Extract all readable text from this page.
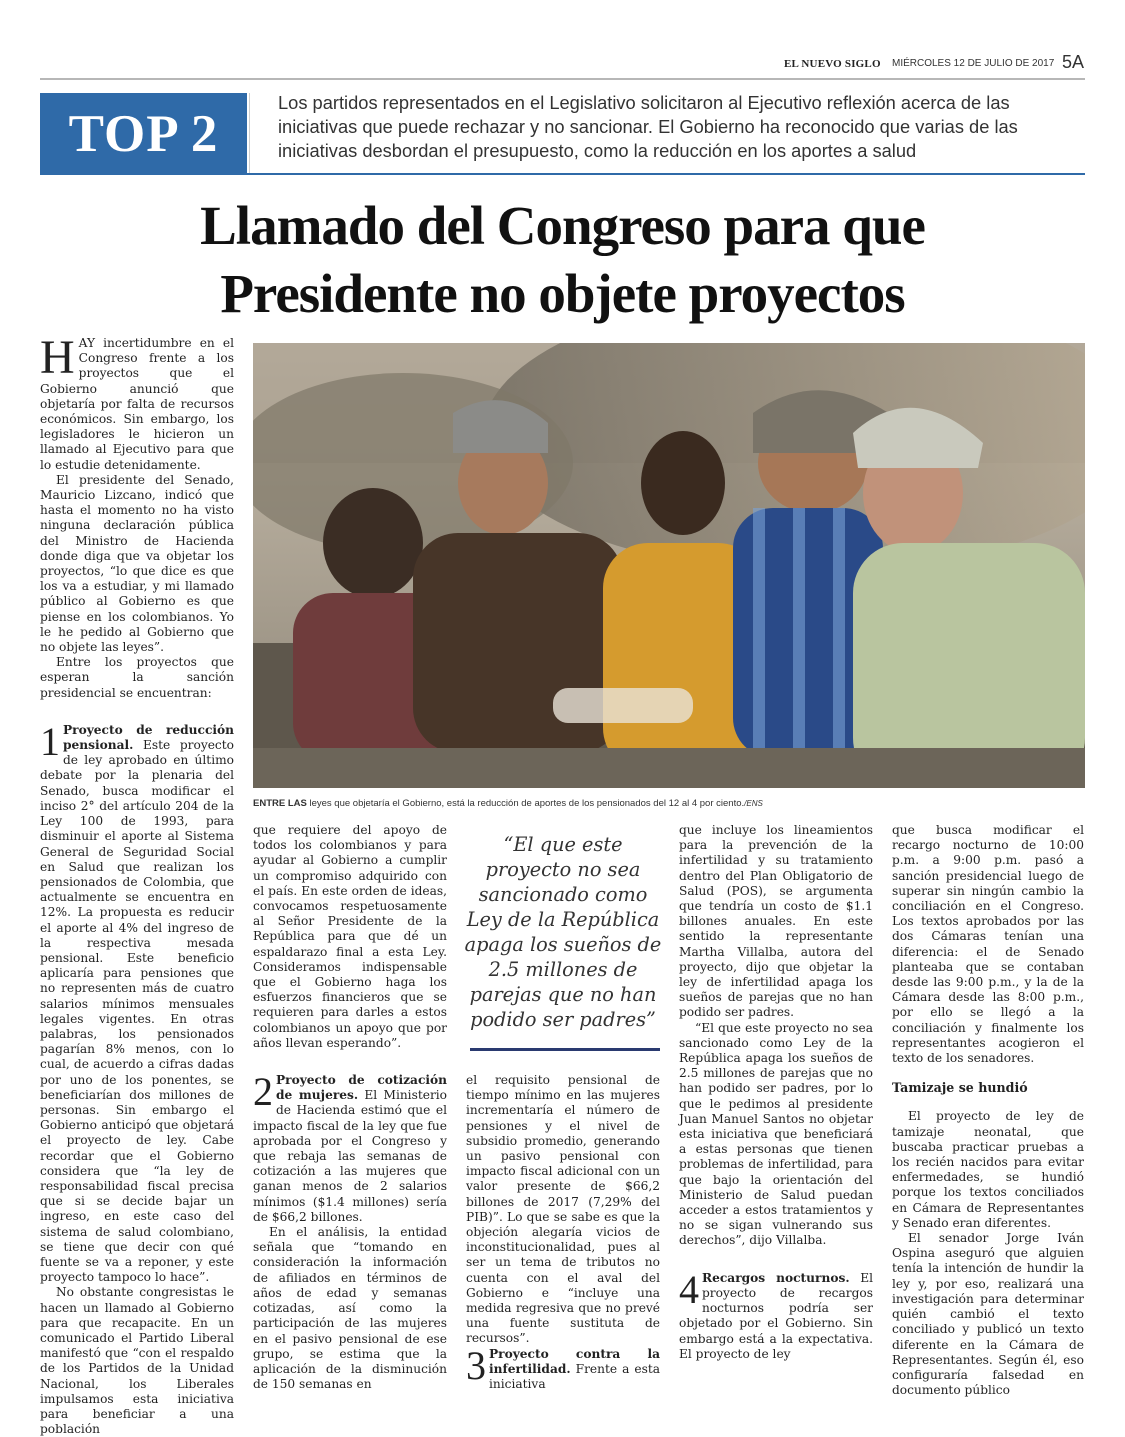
EL NUEVO SIGLO MIÉRCOLES 12 DE JULIO DE 2017 5A
TOP 2

Los partidos representados en el Legislativo solicitaron al Ejecutivo reflexión acerca de las iniciativas que puede rechazar y no sancionar. El Gobierno ha reconocido que varias de las iniciativas desbordan el presupuesto, como la reducción en los aportes a salud

Llamado del Congreso para que
Presidente no objete proyectos

HAY incertidumbre en el Congreso frente a los proyectos que el Gobierno anunció que objetaría por falta de recursos económicos. Sin embargo, los legisladores le hicieron un llamado al Ejecutivo para que lo estudie detenidamente.

El presidente del Senado, Mauricio Lizcano, indicó que hasta el momento no ha visto ninguna declaración pública del Ministro de Hacienda donde diga que va objetar los proyectos, “lo que dice es que los va a estudiar, y mi llamado público al Gobierno es que piense en los colombianos. Yo le he pedido al Gobierno que no objete las leyes”.

Entre los proyectos que esperan la sanción presidencial se encuentran:

1 Proyecto de reducción pensional. Este proyecto de ley aprobado en último debate por la plenaria del Senado, busca modificar el inciso 2° del artículo 204 de la Ley 100 de 1993, para disminuir el aporte al Sistema General de Seguridad Social en Salud que realizan los pensionados de Colombia, que actualmente se encuentra en 12%. La propuesta es reducir el aporte al 4% del ingreso de la respectiva mesada pensional. Este beneficio aplicaría para pensiones que no representen más de cuatro salarios mínimos mensuales legales vigentes. En otras palabras, los pensionados pagarían 8% menos, con lo cual, de acuerdo a cifras dadas por uno de los ponentes, se beneficiarían dos millones de personas. Sin embargo el Gobierno anticipó que objetará el proyecto de ley. Cabe recordar que el Gobierno considera que “la ley de responsabilidad fiscal precisa que si se decide bajar un ingreso, en este caso del sistema de salud colombiano, se tiene que decir con qué fuente se va a reponer, y este proyecto tampoco lo hace”.

No obstante congresistas le hacen un llamado al Gobierno para que recapacite. En un comunicado el Partido Liberal manifestó que “con el respaldo de los Partidos de la Unidad Nacional, los Liberales impulsamos esta iniciativa para beneficiar a una población

ENTRE LAS leyes que objetaría el Gobierno, está la reducción de aportes de los pensionados del 12 al 4 por ciento./ENS

que requiere del apoyo de todos los colombianos y para ayudar al Gobierno a cumplir un compromiso adquirido con el país. En este orden de ideas, convocamos respetuosamente al Señor Presidente de la República para que dé un espaldarazo final a esta Ley. Consideramos indispensable que el Gobierno haga los esfuerzos financieros que se requieren para darles a estos colombianos un apoyo que por años llevan esperando”.

2 Proyecto de cotización de mujeres. El Ministerio de Hacienda estimó que el impacto fiscal de la ley que fue aprobada por el Congreso y que rebaja las semanas de cotización a las mujeres que ganan menos de 2 salarios mínimos ($1.4 millones) sería de $66,2 billones.

En el análisis, la entidad señala que “tomando en consideración la información de afiliados en términos de años de edad y semanas cotizadas, así como la participación de las mujeres en el pasivo pensional de ese grupo, se estima que la aplicación de la disminución de 150 semanas en

“El que este proyecto no sea sancionado como Ley de la República apaga los sueños de 2.5 millones de parejas que no han podido ser padres”

el requisito pensional de tiempo mínimo en las mujeres incrementaría el número de pensiones y el nivel de subsidio promedio, generando un pasivo pensional con impacto fiscal adicional con un valor presente de $66,2 billones de 2017 (7,29% del PIB)”. Lo que se sabe es que la objeción alegaría vicios de inconstitucionalidad, pues al ser un tema de tributos no cuenta con el aval del Gobierno e “incluye una medida regresiva que no prevé una fuente sustituta de recursos”.

3 Proyecto contra la infertilidad. Frente a esta iniciativa

que incluye los lineamientos para la prevención de la infertilidad y su tratamiento dentro del Plan Obligatorio de Salud (POS), se argumenta que tendría un costo de $1.1 billones anuales. En este sentido la representante Martha Villalba, autora del proyecto, dijo que objetar la ley de infertilidad apaga los sueños de parejas que no han podido ser padres.

“El que este proyecto no sea sancionado como Ley de la República apaga los sueños de 2.5 millones de parejas que no han podido ser padres, por lo que le pedimos al presidente Juan Manuel Santos no objetar esta iniciativa que beneficiará a estas personas que tienen problemas de infertilidad, para que bajo la orientación del Ministerio de Salud puedan acceder a estos tratamientos y no se sigan vulnerando sus derechos”, dijo Villalba.

4 Recargos nocturnos. El proyecto de recargos nocturnos podría ser objetado por el Gobierno. Sin embargo está a la expectativa. El proyecto de ley

que busca modificar el recargo nocturno de 10:00 p.m. a 9:00 p.m. pasó a sanción presidencial luego de superar sin ningún cambio la conciliación en el Congreso. Los textos aprobados por las dos Cámaras tenían una diferencia: el de Senado planteaba que se contaban desde las 9:00 p.m., y la de la Cámara desde las 8:00 p.m., por ello se llegó a la conciliación y finalmente los representantes acogieron el texto de los senadores.

Tamizaje se hundió

El proyecto de ley de tamizaje neonatal, que buscaba practicar pruebas a los recién nacidos para evitar enfermedades, se hundió porque los textos conciliados en Cámara de Representantes y Senado eran diferentes.

El senador Jorge Iván Ospina aseguró que alguien tenía la intención de hundir la ley y, por eso, realizará una investigación para determinar quién cambió el texto conciliado y publicó un texto diferente en la Cámara de Representantes. Según él, eso configuraría falsedad en documento público
